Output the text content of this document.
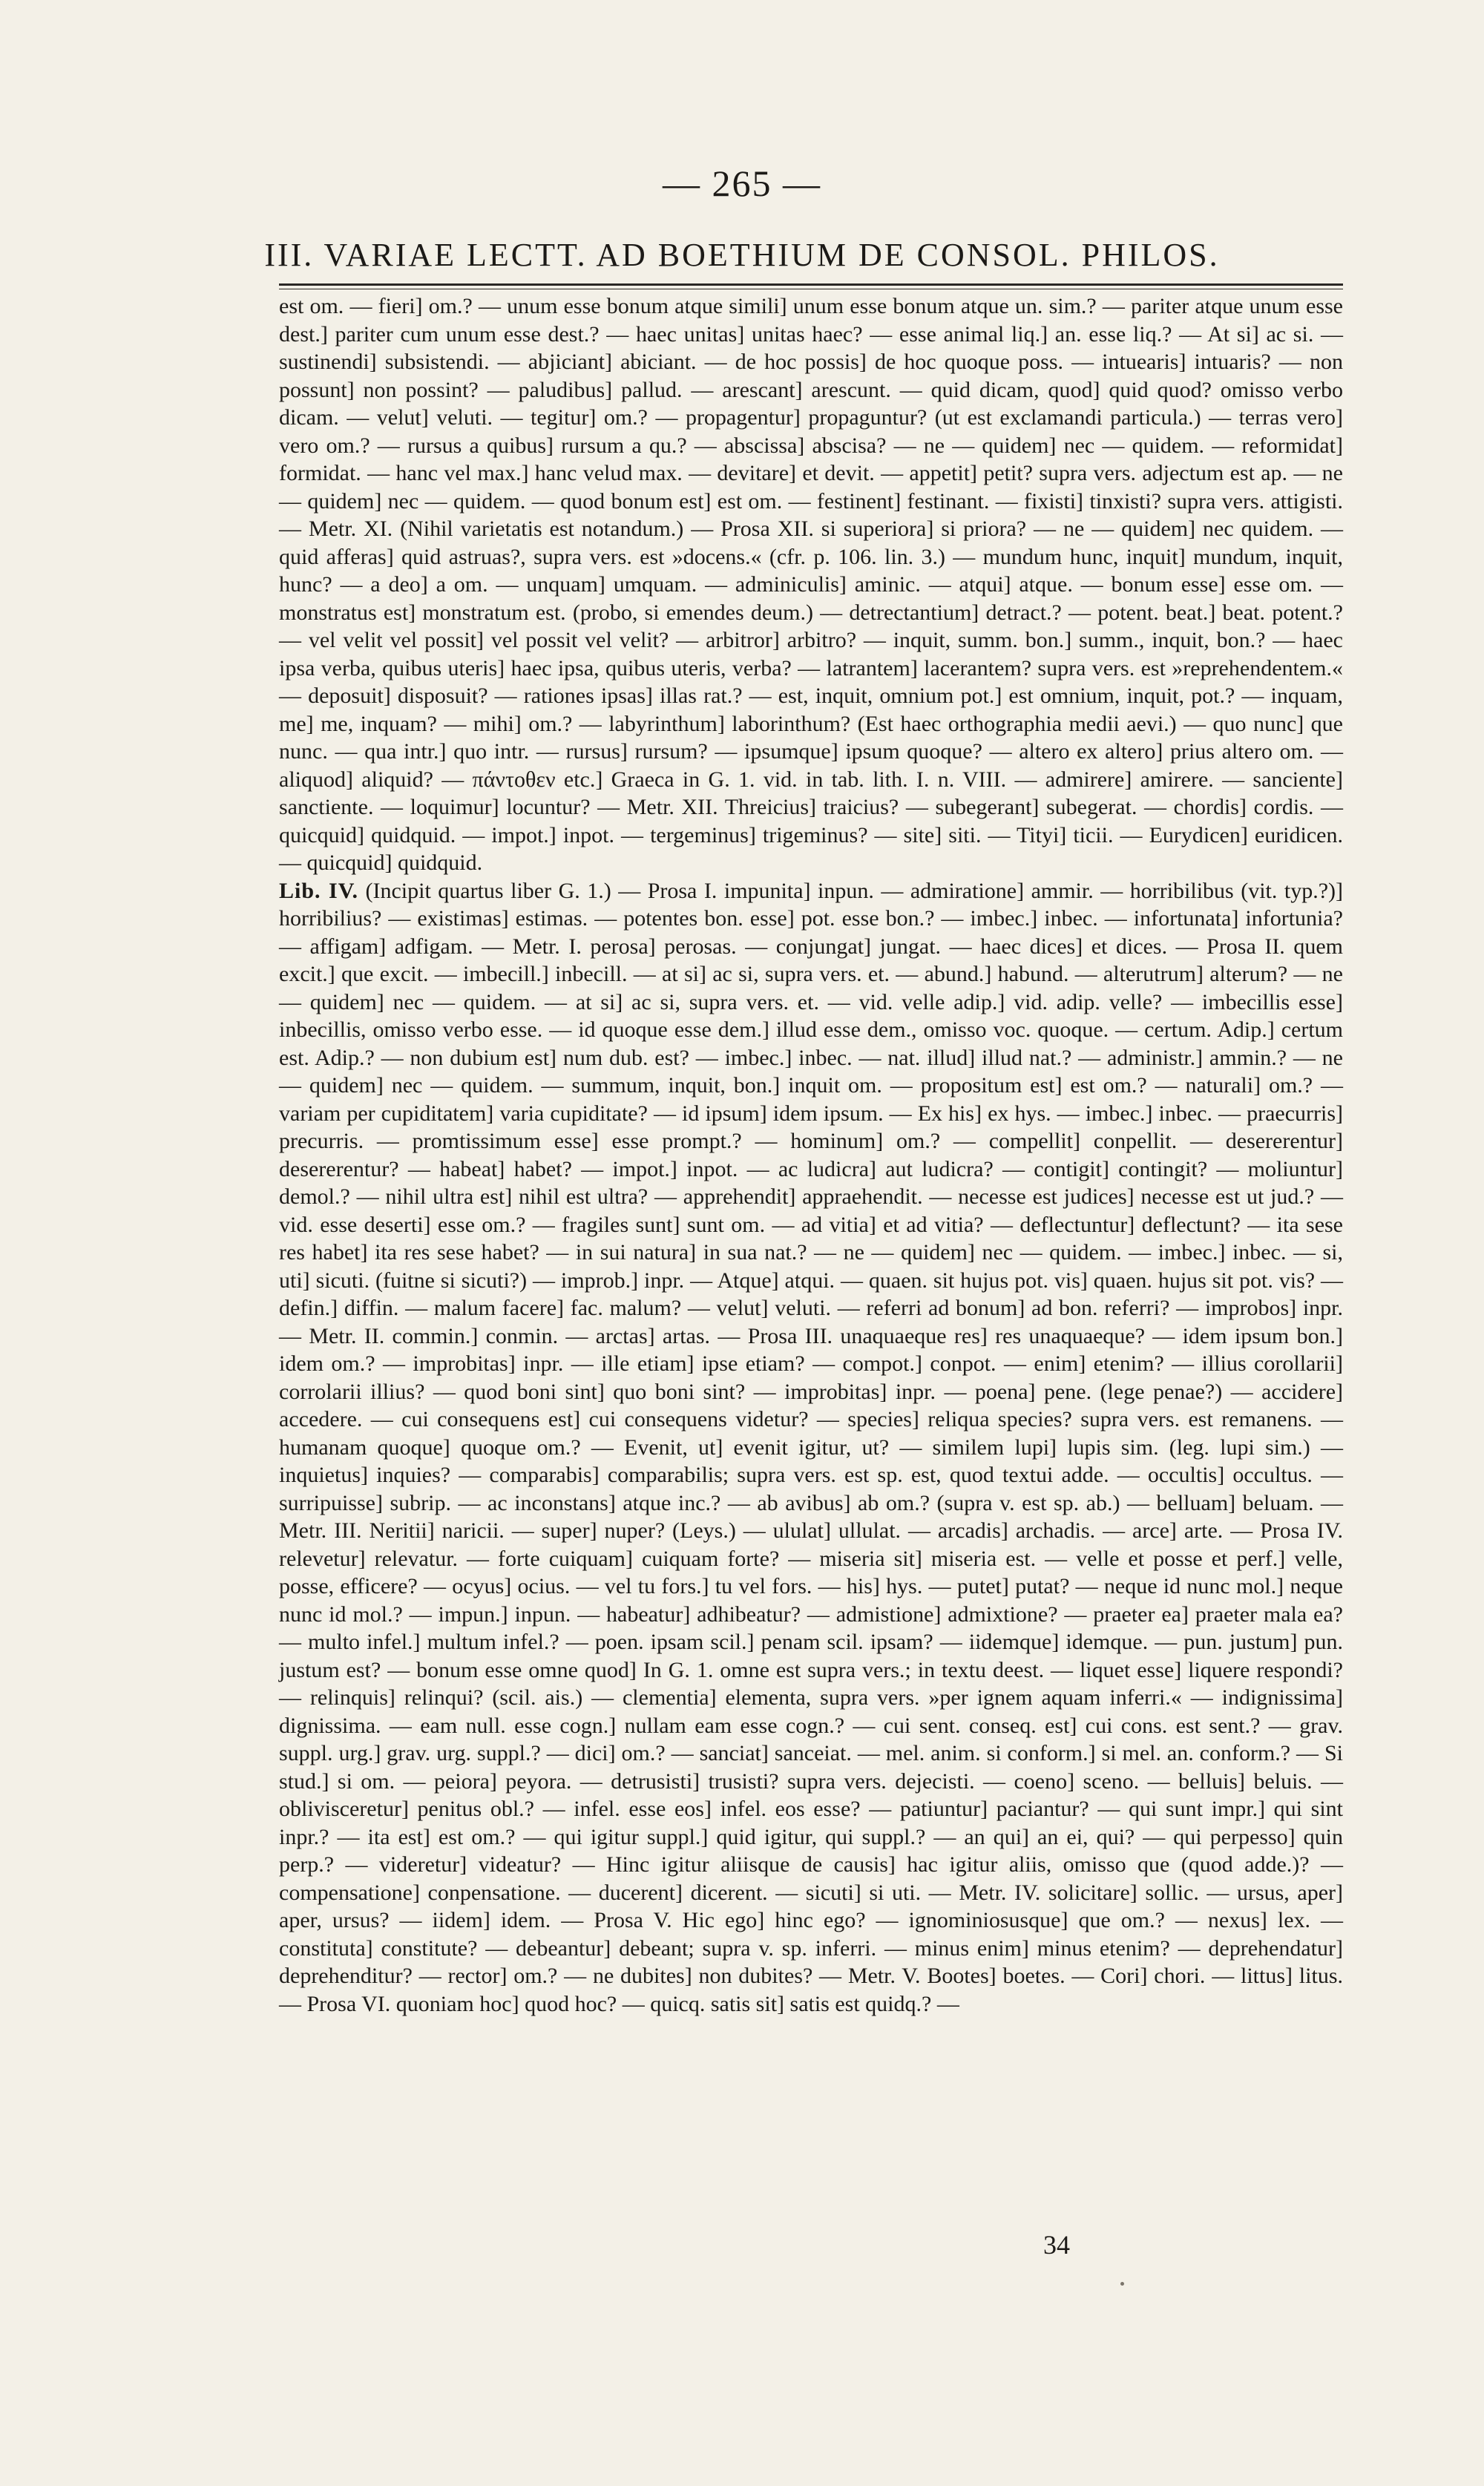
— 265 —
III. VARIAE LECTT. AD BOETHIUM DE CONSOL. PHILOS.

est om. — fieri] om.? — unum esse bonum atque simili] unum esse bonum atque un. sim.? — pariter atque unum esse dest.] pariter cum unum esse dest.? — haec unitas] unitas haec? — esse animal liq.] an. esse liq.? — At si] ac si. — sustinendi] subsistendi. — abjiciant] abiciant. — de hoc possis] de hoc quoque poss. — intuearis] intuaris? — non possunt] non possint? — paludibus] pallud. — arescant] arescunt. — quid dicam, quod] quid quod? omisso verbo dicam. — velut] veluti. — tegitur] om.? — propagentur] propaguntur? (ut est exclamandi particula.) — terras vero] vero om.? — rursus a quibus] rursum a qu.? — abscissa] abscisa? — ne — quidem] nec — quidem. — reformidat] formidat. — hanc vel max.] hanc velud max. — devitare] et devit. — appetit] petit? supra vers. adjectum est ap. — ne — quidem] nec — quidem. — quod bonum est] est om. — festinent] festinant. — fixisti] tinxisti? supra vers. attigisti. — Metr. XI. (Nihil varietatis est notandum.) — Prosa XII. si superiora] si priora? — ne — quidem] nec quidem. — quid afferas] quid astruas?, supra vers. est »docens.« (cfr. p. 106. lin. 3.) — mundum hunc, inquit] mundum, inquit, hunc? — a deo] a om. — unquam] umquam. — adminiculis] aminic. — atqui] atque. — bonum esse] esse om. — monstratus est] monstratum est. (probo, si emendes deum.) — detrectantium] detract.? — potent. beat.] beat. potent.? — vel velit vel possit] vel possit vel velit? — arbitror] arbitro? — inquit, summ. bon.] summ., inquit, bon.? — haec ipsa verba, quibus uteris] haec ipsa, quibus uteris, verba? — latrantem] lacerantem? supra vers. est »reprehendentem.« — deposuit] disposuit? — rationes ipsas] illas rat.? — est, inquit, omnium pot.] est omnium, inquit, pot.? — inquam, me] me, inquam? — mihi] om.? — labyrinthum] laborinthum? (Est haec orthographia medii aevi.) — quo nunc] que nunc. — qua intr.] quo intr. — rursus] rursum? — ipsumque] ipsum quoque? — altero ex altero] prius altero om. — aliquod] aliquid? — πάντοθεν etc.] Graeca in G. 1. vid. in tab. lith. I. n. VIII. — admirere] amirere. — sanciente] sanctiente. — loquimur] locuntur? — Metr. XII. Threicius] traicius? — subegerant] subegerat. — chordis] cordis. — quicquid] quidquid. — impot.] inpot. — tergeminus] trigeminus? — site] siti. — Tityi] ticii. — Eurydicen] euridicen. — quicquid] quidquid.

Lib. IV. (Incipit quartus liber G. 1.) — Prosa I. impunita] inpun. — admiratione] ammir. — horribilibus (vit. typ.?)] horribilius? — existimas] estimas. — potentes bon. esse] pot. esse bon.? — imbec.] inbec. — infortunata] infortunia? — affigam] adfigam. — Metr. I. perosa] perosas. — conjungat] jungat. — haec dices] et dices. — Prosa II. quem excit.] que excit. — imbecill.] inbecill. — at si] ac si, supra vers. et. — abund.] habund. — alterutrum] alterum? — ne — quidem] nec — quidem. — at si] ac si, supra vers. et. — vid. velle adip.] vid. adip. velle? — imbecillis esse] inbecillis, omisso verbo esse. — id quoque esse dem.] illud esse dem., omisso voc. quoque. — certum. Adip.] certum est. Adip.? — non dubium est] num dub. est? — imbec.] inbec. — nat. illud] illud nat.? — administr.] ammin.? — ne — quidem] nec — quidem. — summum, inquit, bon.] inquit om. — propositum est] est om.? — naturali] om.? — variam per cupiditatem] varia cupiditate? — id ipsum] idem ipsum. — Ex his] ex hys. — imbec.] inbec. — praecurris] precurris. — promtissimum esse] esse prompt.? — hominum] om.? — compellit] conpellit. — desererentur] desererentur? — habeat] habet? — impot.] inpot. — ac ludicra] aut ludicra? — contigit] contingit? — moliuntur] demol.? — nihil ultra est] nihil est ultra? — apprehendit] appraehendit. — necesse est judices] necesse est ut jud.? — vid. esse deserti] esse om.? — fragiles sunt] sunt om. — ad vitia] et ad vitia? — deflectuntur] deflectunt? — ita sese res habet] ita res sese habet? — in sui natura] in sua nat.? — ne — quidem] nec — quidem. — imbec.] inbec. — si, uti] sicuti. (fuitne si sicuti?) — improb.] inpr. — Atque] atqui. — quaen. sit hujus pot. vis] quaen. hujus sit pot. vis? — defin.] diffin. — malum facere] fac. malum? — velut] veluti. — referri ad bonum] ad bon. referri? — improbos] inpr. — Metr. II. commin.] conmin. — arctas] artas. — Prosa III. unaquaeque res] res unaquaeque? — idem ipsum bon.] idem om.? — improbitas] inpr. — ille etiam] ipse etiam? — compot.] conpot. — enim] etenim? — illius corollarii] corrolarii illius? — quod boni sint] quo boni sint? — improbitas] inpr. — poena] pene. (lege penae?) — accidere] accedere. — cui consequens est] cui consequens videtur? — species] reliqua species? supra vers. est remanens. — humanam quoque] quoque om.? — Evenit, ut] evenit igitur, ut? — similem lupi] lupis sim. (leg. lupi sim.) — inquietus] inquies? — comparabis] comparabilis; supra vers. est sp. est, quod textui adde. — occultis] occultus. — surripuisse] subrip. — ac inconstans] atque inc.? — ab avibus] ab om.? (supra v. est sp. ab.) — belluam] beluam. — Metr. III. Neritii] naricii. — super] nuper? (Leys.) — ululat] ullulat. — arcadis] archadis. — arce] arte. — Prosa IV. relevetur] relevatur. — forte cuiquam] cuiquam forte? — miseria sit] miseria est. — velle et posse et perf.] velle, posse, efficere? — ocyus] ocius. — vel tu fors.] tu vel fors. — his] hys. — putet] putat? — neque id nunc mol.] neque nunc id mol.? — impun.] inpun. — habeatur] adhibeatur? — admistione] admixtione? — praeter ea] praeter mala ea? — multo infel.] multum infel.? — poen. ipsam scil.] penam scil. ipsam? — iidemque] idemque. — pun. justum] pun. justum est? — bonum esse omne quod] In G. 1. omne est supra vers.; in textu deest. — liquet esse] liquere respondi? — relinquis] relinqui? (scil. ais.) — clementia] elementa, supra vers. »per ignem aquam inferri.« — indignissima] dignissima. — eam null. esse cogn.] nullam eam esse cogn.? — cui sent. conseq. est] cui cons. est sent.? — grav. suppl. urg.] grav. urg. suppl.? — dici] om.? — sanciat] sanceiat. — mel. anim. si conform.] si mel. an. conform.? — Si stud.] si om. — peiora] peyora. — detrusisti] trusisti? supra vers. dejecisti. — coeno] sceno. — belluis] beluis. — oblivisceretur] penitus obl.? — infel. esse eos] infel. eos esse? — patiuntur] paciantur? — qui sunt impr.] qui sint inpr.? — ita est] est om.? — qui igitur suppl.] quid igitur, qui suppl.? — an qui] an ei, qui? — qui perpesso] quin perp.? — videretur] videatur? — Hinc igitur aliisque de causis] hac igitur aliis, omisso que (quod adde.)? — compensatione] conpensatione. — ducerent] dicerent. — sicuti] si uti. — Metr. IV. solicitare] sollic. — ursus, aper] aper, ursus? — iidem] idem. — Prosa V. Hic ego] hinc ego? — ignominiosusque] que om.? — nexus] lex. — constituta] constitute? — debeantur] debeant; supra v. sp. inferri. — minus enim] minus etenim? — deprehendatur] deprehenditur? — rector] om.? — ne dubites] non dubites? — Metr. V. Bootes] boetes. — Cori] chori. — littus] litus. — Prosa VI. quoniam hoc] quod hoc? — quicq. satis sit] satis est quidq.? —

34
